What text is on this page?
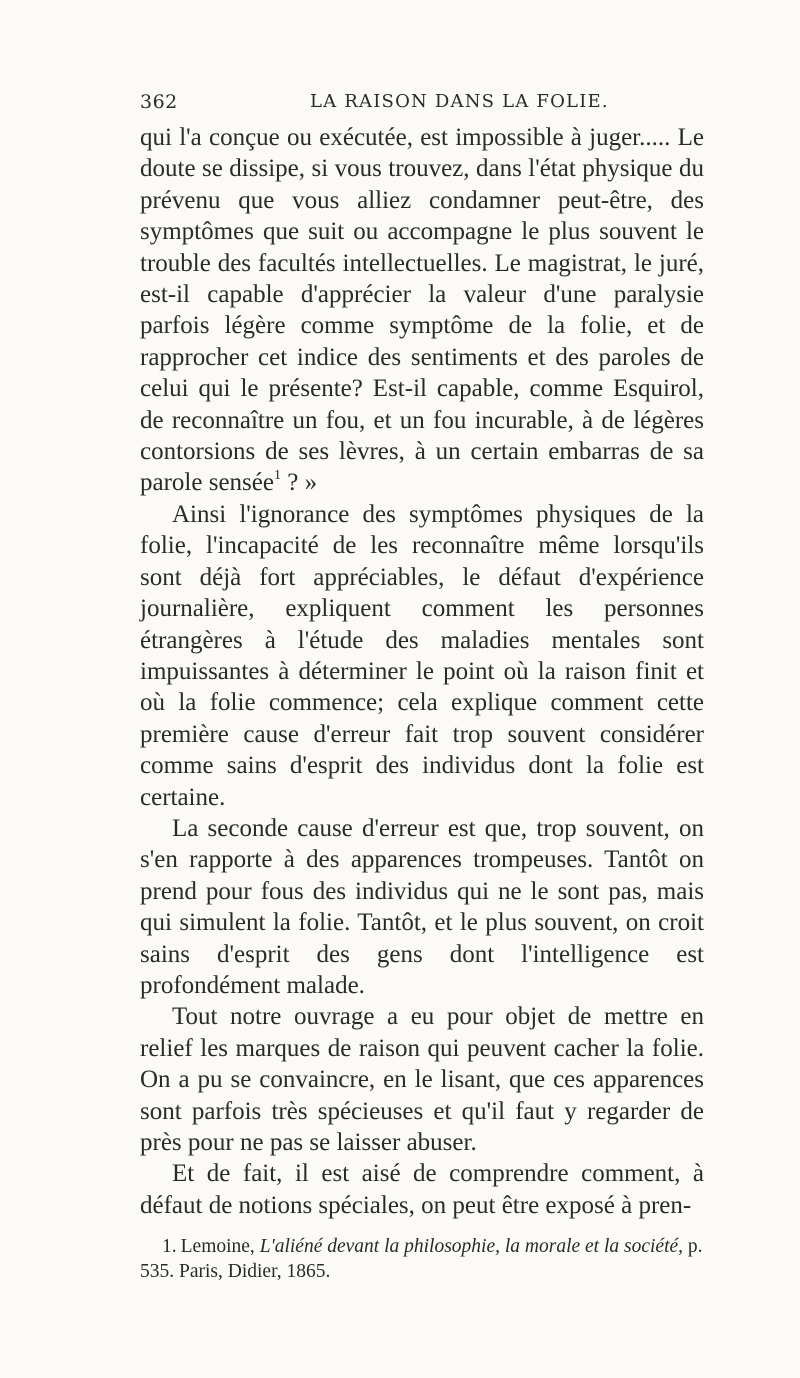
362	LA RAISON DANS LA FOLIE.

qui l'a conçue ou exécutée, est impossible à juger..... Le doute se dissipe, si vous trouvez, dans l'état physique du prévenu que vous alliez condamner peut-être, des symptômes que suit ou accompagne le plus souvent le trouble des facultés intellectuelles. Le magistrat, le juré, est-il capable d'apprécier la valeur d'une paralysie parfois légère comme symptôme de la folie, et de rapprocher cet indice des sentiments et des paroles de celui qui le présente? Est-il capable, comme Esquirol, de reconnaître un fou, et un fou incurable, à de légères contorsions de ses lèvres, à un certain embarras de sa parole sensée$^1$ ? »

Ainsi l'ignorance des symptômes physiques de la folie, l'incapacité de les reconnaître même lorsqu'ils sont déjà fort appréciables, le défaut d'expérience journalière, expliquent comment les personnes étrangères à l'étude des maladies mentales sont impuissantes à déterminer le point où la raison finit et où la folie commence; cela explique comment cette première cause d'erreur fait trop souvent considérer comme sains d'esprit des individus dont la folie est certaine.

La seconde cause d'erreur est que, trop souvent, on s'en rapporte à des apparences trompeuses. Tantôt on prend pour fous des individus qui ne le sont pas, mais qui simulent la folie. Tantôt, et le plus souvent, on croit sains d'esprit des gens dont l'intelligence est profondément malade.

Tout notre ouvrage a eu pour objet de mettre en relief les marques de raison qui peuvent cacher la folie. On a pu se convaincre, en le lisant, que ces apparences sont parfois très spécieuses et qu'il faut y regarder de près pour ne pas se laisser abuser.

Et de fait, il est aisé de comprendre comment, à défaut de notions spéciales, on peut être exposé à pren-

1. Lemoine, L'aliéné devant la philosophie, la morale et la société, p. 535. Paris, Didier, 1865.
